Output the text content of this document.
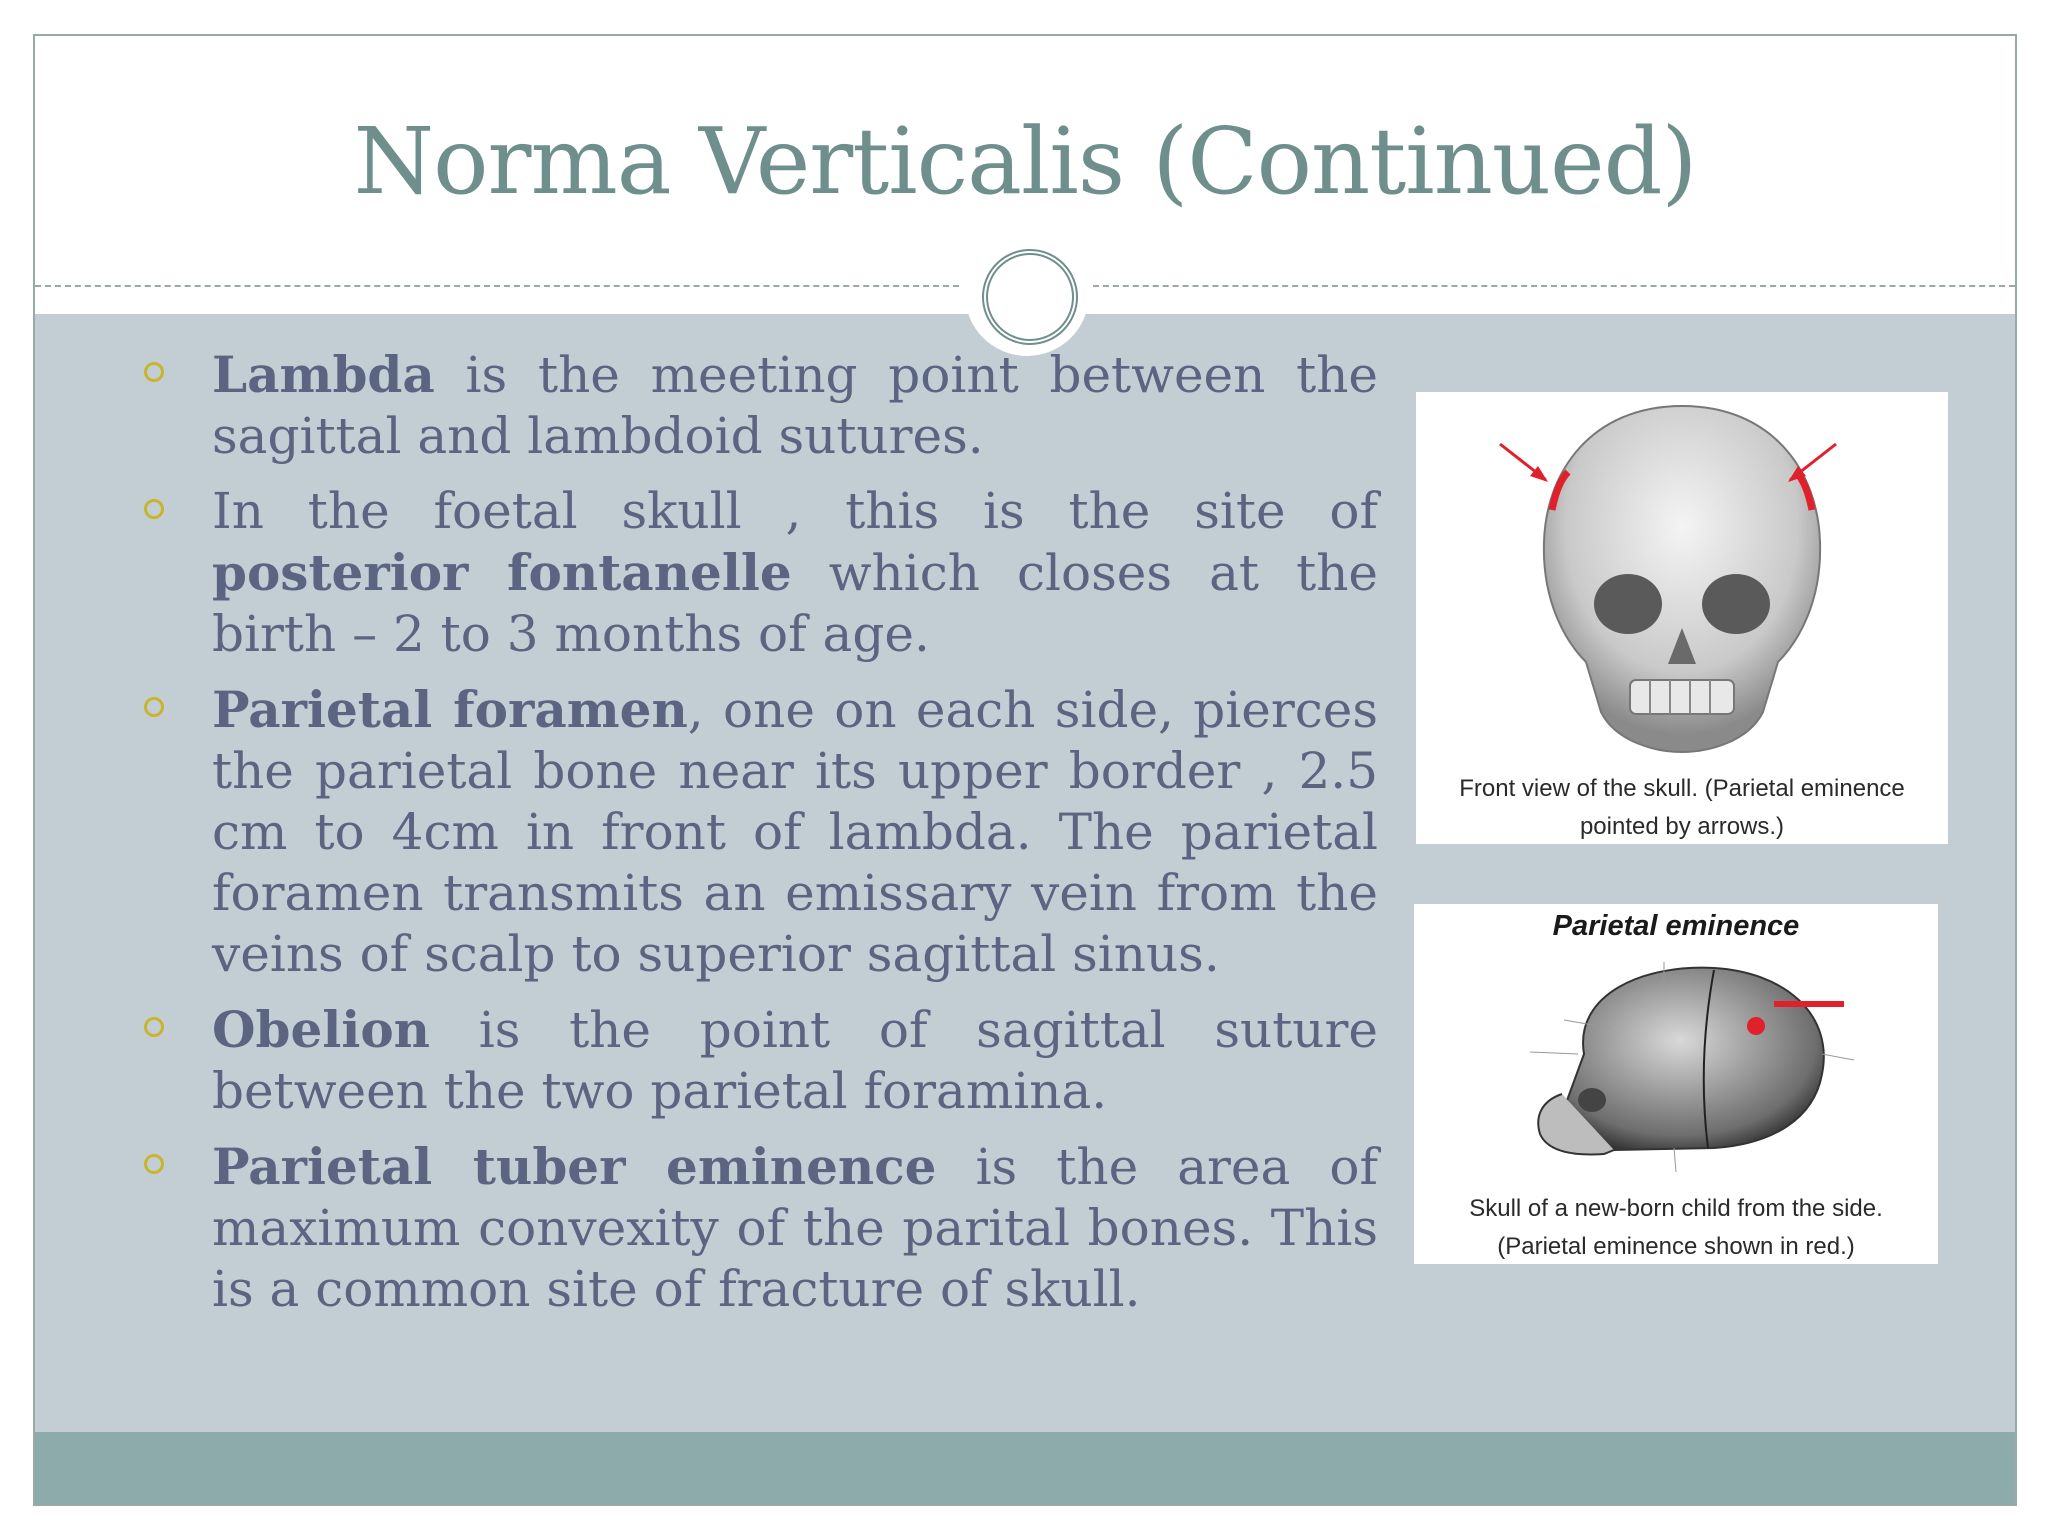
Norma Verticalis (Continued)
Lambda is the meeting point between the sagittal and lambdoid sutures.
In the foetal skull , this is the site of posterior fontanelle which closes at the birth – 2 to 3 months of age.
Parietal foramen, one on each side, pierces the parietal bone near its upper border , 2.5 cm to 4cm in front of lambda. The parietal foramen transmits an emissary vein from the veins of scalp to superior sagittal sinus.
Obelion is the point of sagittal suture between the two parietal foramina.
Parietal tuber eminence is the area of maximum convexity of the parital bones. This is a common site of fracture of skull.
Front view of the skull. (Parietal eminence
pointed by arrows.)
Parietal eminence
Skull of a new-born child from the side.
(Parietal eminence shown in red.)
